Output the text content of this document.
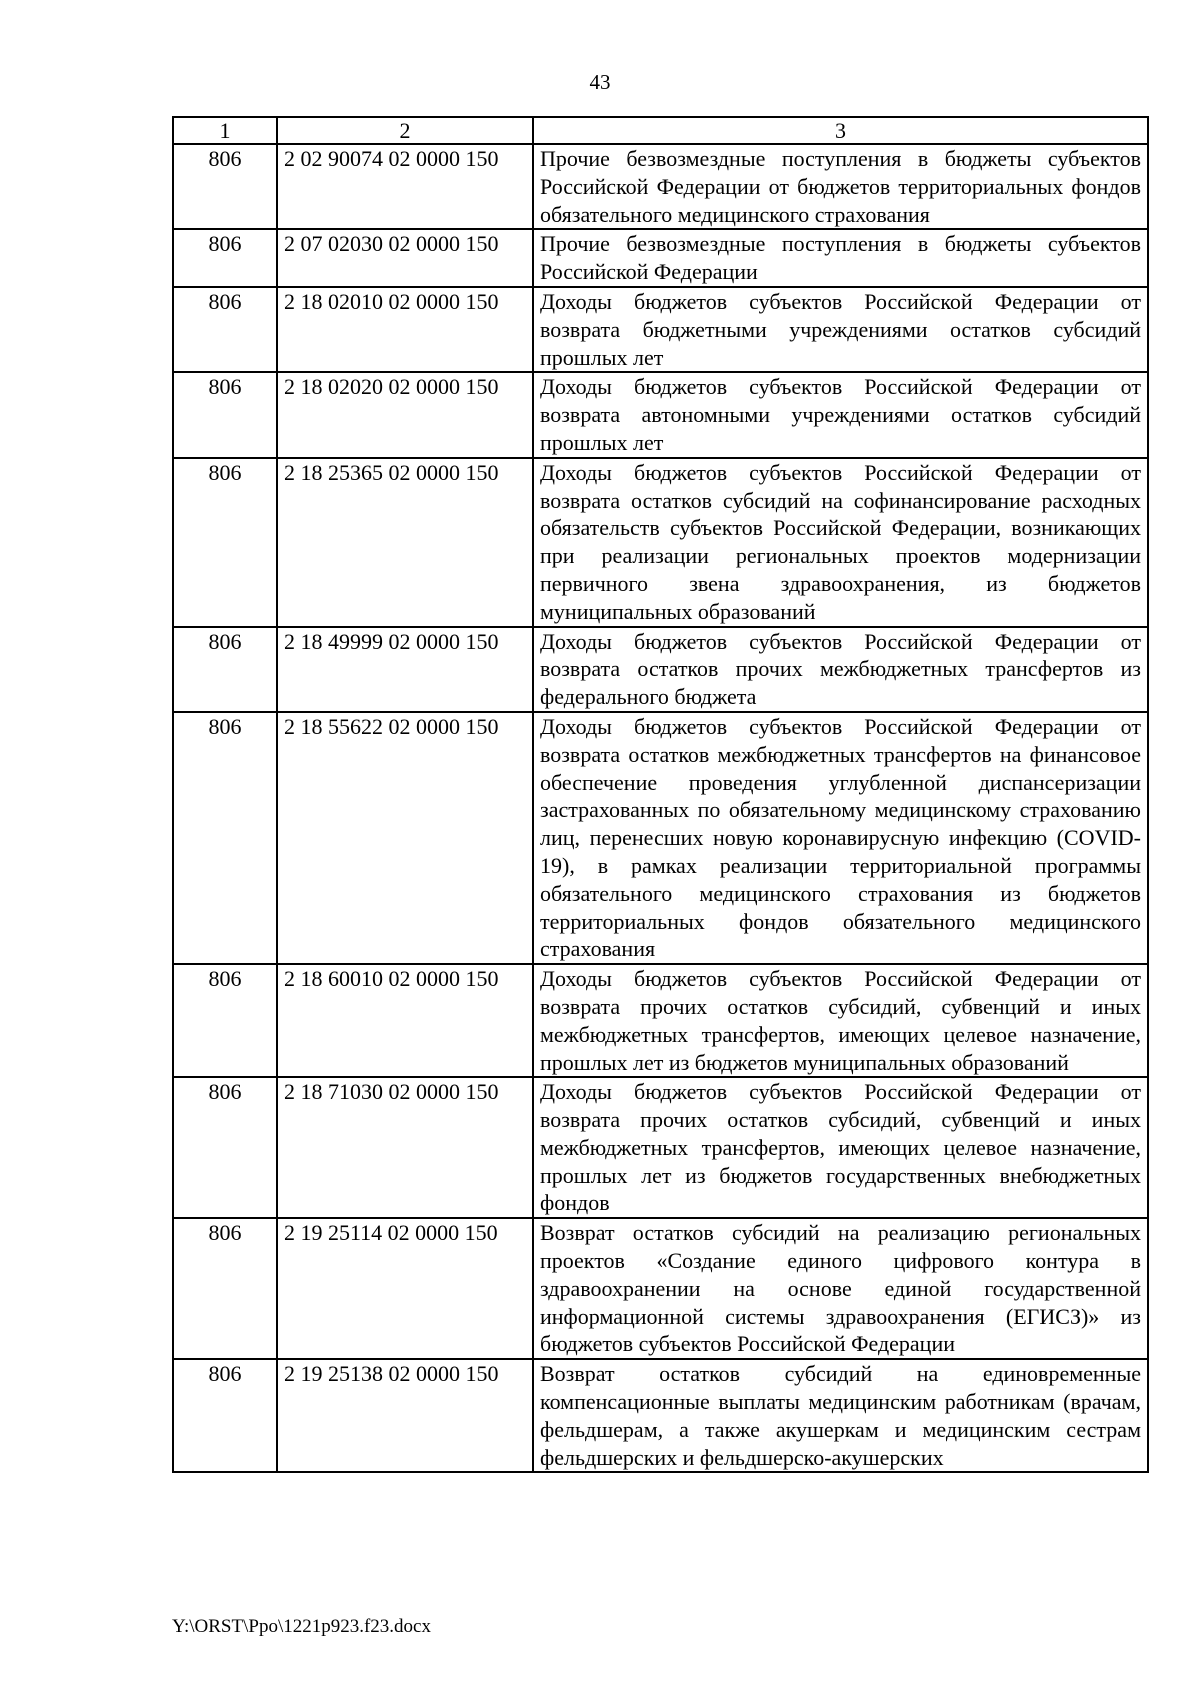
43
1	2	3
806	2 02 90074 02 0000 150	Прочие безвозмездные поступления в бюджеты субъектов Российской Федерации от бюджетов территориальных фондов обязательного медицинского страхования
806	2 07 02030 02 0000 150	Прочие безвозмездные поступления в бюджеты субъектов Российской Федерации
806	2 18 02010 02 0000 150	Доходы бюджетов субъектов Российской Федерации от возврата бюджетными учреждениями остатков субсидий прошлых лет
806	2 18 02020 02 0000 150	Доходы бюджетов субъектов Российской Федерации от возврата автономными учреждениями остатков субсидий прошлых лет
806	2 18 25365 02 0000 150	Доходы бюджетов субъектов Российской Федерации от возврата остатков субсидий на софинансирование расходных обязательств субъектов Российской Федерации, возникающих при реализации региональных проектов модернизации первичного звена здравоохранения, из бюджетов муниципальных образований
806	2 18 49999 02 0000 150	Доходы бюджетов субъектов Российской Федерации от возврата остатков прочих межбюджетных трансфертов из федерального бюджета
806	2 18 55622 02 0000 150	Доходы бюджетов субъектов Российской Федерации от возврата остатков межбюджетных трансфертов на финансовое обеспечение проведения углубленной диспансеризации застрахованных по обязательному медицинскому страхованию лиц, перенесших новую коронавирусную инфекцию (COVID-19), в рамках реализации территориальной программы обязательного медицинского страхования из бюджетов территориальных фондов обязательного медицинского страхования
806	2 18 60010 02 0000 150	Доходы бюджетов субъектов Российской Федерации от возврата прочих остатков субсидий, субвенций и иных межбюджетных трансфертов, имеющих целевое назначение, прошлых лет из бюджетов муниципальных образований
806	2 18 71030 02 0000 150	Доходы бюджетов субъектов Российской Федерации от возврата прочих остатков субсидий, субвенций и иных межбюджетных трансфертов, имеющих целевое назначение, прошлых лет из бюджетов государственных внебюджетных фондов
806	2 19 25114 02 0000 150	Возврат остатков субсидий на реализацию региональных проектов «Создание единого цифрового контура в здравоохранении на основе единой государственной информационной системы здравоохранения (ЕГИСЗ)» из бюджетов субъектов Российской Федерации
806	2 19 25138 02 0000 150	Возврат остатков субсидий на единовременные компенсационные выплаты медицинским работникам (врачам, фельдшерам, а также акушеркам и медицинским сестрам фельдшерских и фельдшерско-акушерских
Y:\ORST\Ppo\1221p923.f23.docx
